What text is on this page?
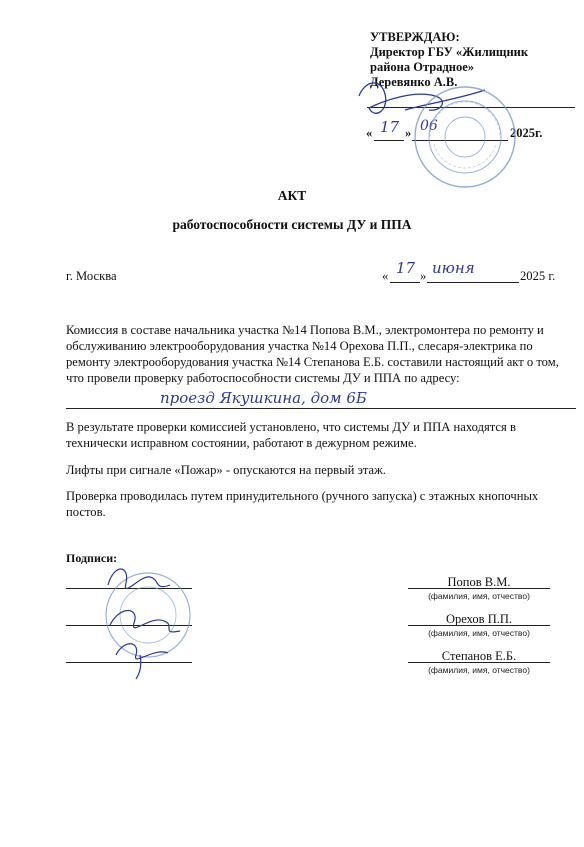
УТВЕРЖДАЮ:
Директор ГБУ «Жилищник
района Отрадное»
Деревянко А.В.
« 17 » 06	2025г.
АКТ
работоспособности системы ДУ и ППА
г. Москва	« 17 » июня	2025 г.
Комиссия в составе начальника участка №14 Попова В.М., электромонтера по ремонту и обслуживанию электрооборудования участка №14 Орехова П.П., слесаря-электрика по ремонту электрооборудования участка №14 Степанова Е.Б. составили настоящий акт о том, что провели проверку работоспособности системы ДУ и ППА по адресу:
проезд Якушкина, дом 6Б
В результате проверки комиссией установлено, что системы ДУ и ППА находятся в технически исправном состоянии, работают в дежурном режиме.
Лифты при сигнале «Пожар» - опускаются на первый этаж.
Проверка проводилась путем принудительного (ручного запуска) с этажных кнопочных постов.
Подписи:
Попов В.М.
(фамилия, имя, отчество)
Орехов П.П.
(фамилия, имя, отчество)
Степанов Е.Б.
(фамилия, имя, отчество)
